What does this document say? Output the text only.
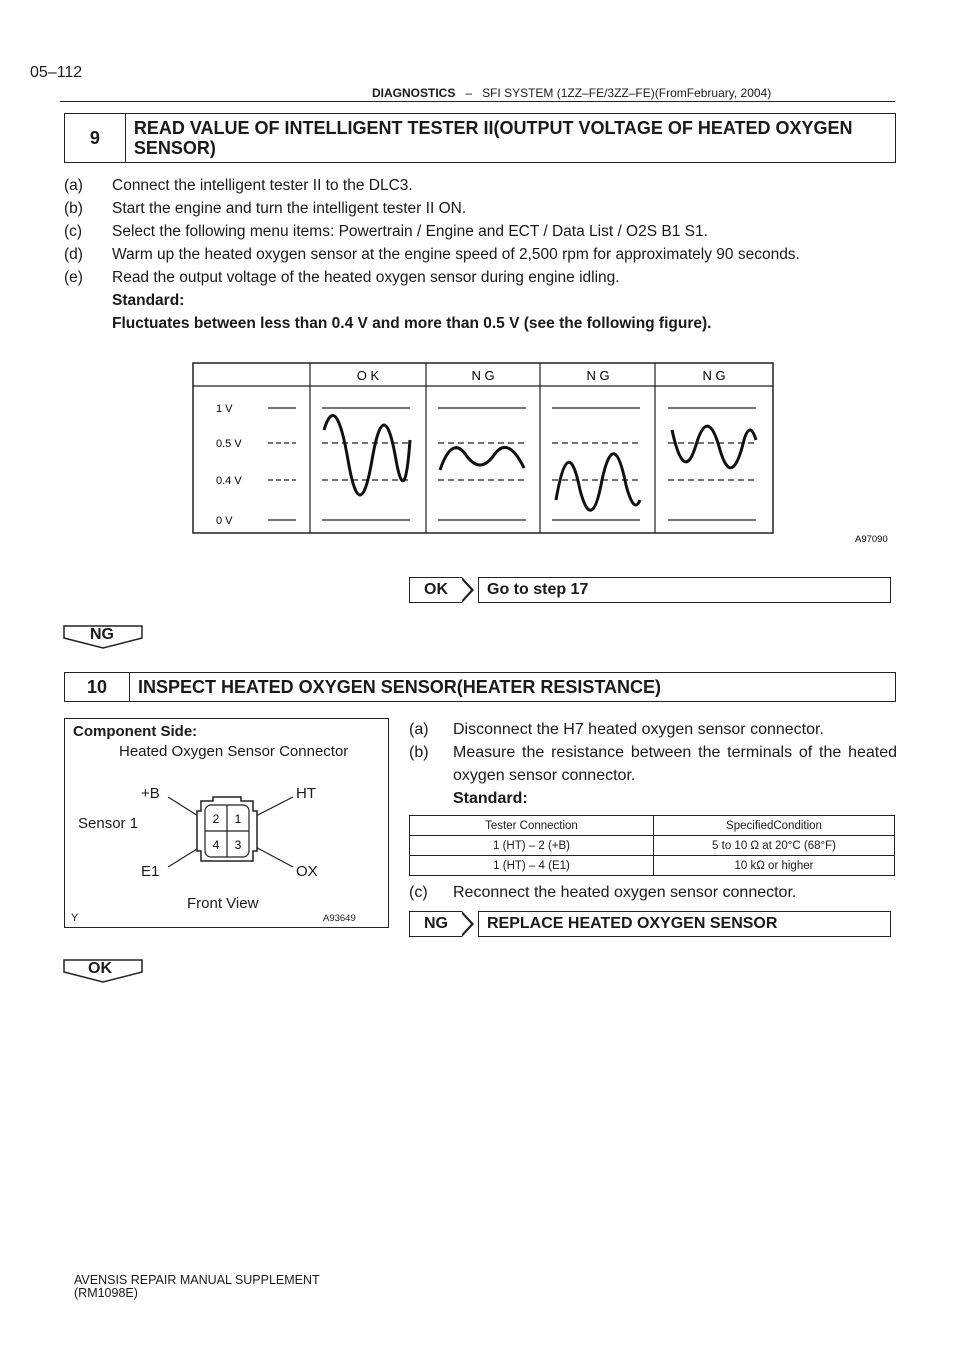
05–112
DIAGNOSTICS – SFI SYSTEM (1ZZ–FE/3ZZ–FE)(FromFebruary, 2004)
9	READ VALUE OF INTELLIGENT TESTER II(OUTPUT VOLTAGE OF HEATED OXYGEN SENSOR)
(a)	Connect the intelligent tester II to the DLC3.
(b)	Start the engine and turn the intelligent tester II ON.
(c)	Select the following menu items: Powertrain / Engine and ECT / Data List / O2S B1 S1.
(d)	Warm up the heated oxygen sensor at the engine speed of 2,500 rpm for approximately 90 seconds.
(e)	Read the output voltage of the heated oxygen sensor during engine idling.
Standard:
Fluctuates between less than 0.4 V and more than 0.5 V (see the following figure).
O K	N G	N G	N G
1 V
0.5 V
0.4 V
0 V
A97090
OK	Go to step 17
NG
10	INSPECT HEATED OXYGEN SENSOR(HEATER RESISTANCE)
Component Side:
Heated Oxygen Sensor Connector
+B	HT
Sensor 1
E1	OX
Front View
Y	A93649
2 1
4 3
(a)	Disconnect the H7 heated oxygen sensor connector.
(b)	Measure the resistance between the terminals of the heated oxygen sensor connector.
Standard:
Tester Connection	SpecifiedCondition
1 (HT) – 2 (+B)	5 to 10 Ω at 20°C (68°F)
1 (HT) – 4 (E1)	10 kΩ or higher
(c)	Reconnect the heated oxygen sensor connector.
NG	REPLACE HEATED OXYGEN SENSOR
OK
AVENSIS REPAIR MANUAL SUPPLEMENT
(RM1098E)
